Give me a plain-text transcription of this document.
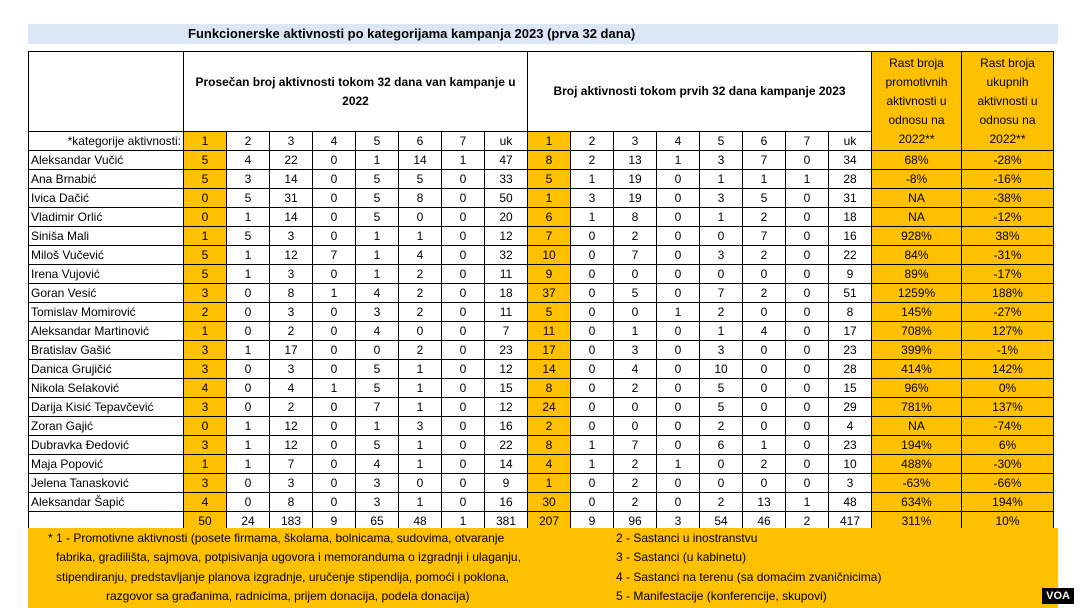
Funkcionerske aktivnosti po kategorijama kampanja 2023 (prva 32 dana)
	Prosečan broj aktivnosti tokom 32 dana van kampanje u 2022								Broj aktivnosti tokom prvih 32 dana kampanje 2023								Rast broja promotivnih aktivnosti u odnosu na 2022**	Rast broja ukupnih aktivnosti u odnosu na 2022**
*kategorije aktivnosti:	1	2	3	4	5	6	7	uk	1	2	3	4	5	6	7	uk		
Aleksandar Vučić	5	4	22	0	1	14	1	47	8	2	13	1	3	7	0	34	68%	-28%
Ana Brnabić	5	3	14	0	5	5	0	33	5	1	19	0	1	1	1	28	-8%	-16%
Ivica Dačić	0	5	31	0	5	8	0	50	1	3	19	0	3	5	0	31	NA	-38%
Vladimir Orlić	0	1	14	0	5	0	0	20	6	1	8	0	1	2	0	18	NA	-12%
Siniša Mali	1	5	3	0	1	1	0	12	7	0	2	0	0	7	0	16	928%	38%
Miloš Vučević	5	1	12	7	1	4	0	32	10	0	7	0	3	2	0	22	84%	-31%
Irena Vujović	5	1	3	0	1	2	0	11	9	0	0	0	0	0	0	9	89%	-17%
Goran Vesić	3	0	8	1	4	2	0	18	37	0	5	0	7	2	0	51	1259%	188%
Tomislav Momirović	2	0	3	0	3	2	0	11	5	0	0	1	2	0	0	8	145%	-27%
Aleksandar Martinović	1	0	2	0	4	0	0	7	11	0	1	0	1	4	0	17	708%	127%
Bratislav Gašić	3	1	17	0	0	2	0	23	17	0	3	0	3	0	0	23	399%	-1%
Danica Grujičić	3	0	3	0	5	1	0	12	14	0	4	0	10	0	0	28	414%	142%
Nikola Selaković	4	0	4	1	5	1	0	15	8	0	2	0	5	0	0	15	96%	0%
Darija Kisić Tepavčević	3	0	2	0	7	1	0	12	24	0	0	0	5	0	0	29	781%	137%
Zoran Gajić	0	1	12	0	1	3	0	16	2	0	0	0	2	0	0	4	NA	-74%
Dubravka Đedović	3	1	12	0	5	1	0	22	8	1	7	0	6	1	0	23	194%	6%
Maja Popović	1	1	7	0	4	1	0	14	4	1	2	1	0	2	0	10	488%	-30%
Jelena Tanasković	3	0	3	0	3	0	0	9	1	0	2	0	0	0	0	3	-63%	-66%
Aleksandar Šapić	4	0	8	0	3	1	0	16	30	0	2	0	2	13	1	48	634%	194%
	50	24	183	9	65	48	1	381	207	9	96	3	54	46	2	417	311%	10%
* 1 - Promotivne aktivnosti (posete firmama, školama, bolnicama, sudovima, otvaranje
fabrika, gradilišta, sajmova, potpisivanja ugovora i memoranduma o izgradnji i ulaganju,
stipendiranju, predstavljanje planova izgradnje, uručenje stipendija, pomoći i poklona,
razgovor sa građanima, radnicima, prijem donacija, podela donacija)
2 - Sastanci u inostranstvu
3 - Sastanci (u kabinetu)
4 - Sastanci na terenu (sa domaćim zvaničnicima)
5 - Manifestacije (konferencije, skupovi)	VOA
